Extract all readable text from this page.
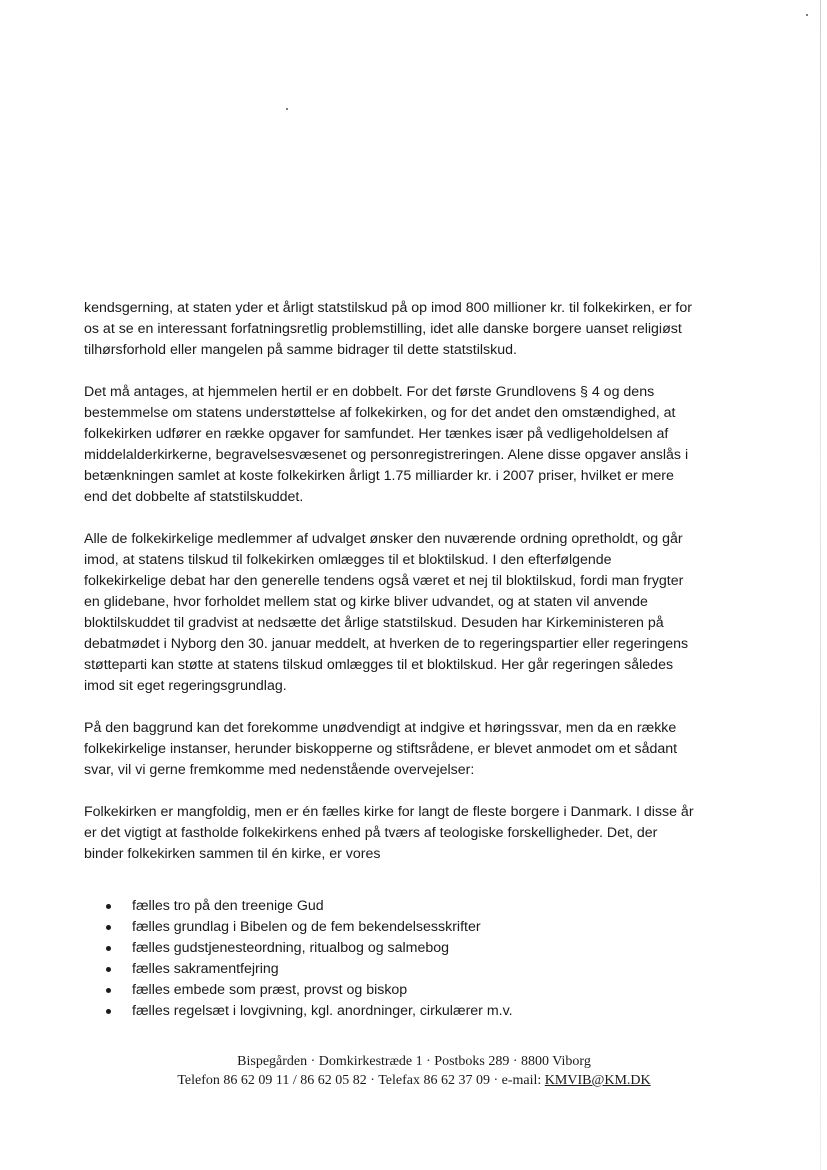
kendsgerning, at staten yder et årligt statstilskud på op imod 800 millioner kr. til folkekirken, er for
os at se en interessant forfatningsretlig problemstilling, idet alle danske borgere uanset religiøst
tilhørsforhold eller mangelen på samme bidrager til dette statstilskud.

Det må antages, at hjemmelen hertil er en dobbelt. For det første Grundlovens § 4 og dens
bestemmelse om statens understøttelse af folkekirken, og for det andet den omstændighed, at
folkekirken udfører en række opgaver for samfundet. Her tænkes især på vedligeholdelsen af
middelalderkirkerne, begravelsesvæsenet og personregistreringen. Alene disse opgaver anslås i
betænkningen samlet at koste folkekirken årligt 1.75 milliarder kr. i 2007 priser, hvilket er mere
end det dobbelte af statstilskuddet.

Alle de folkekirkelige medlemmer af udvalget ønsker den nuværende ordning opretholdt, og går
imod, at statens tilskud til folkekirken omlægges til et bloktilskud. I den efterfølgende
folkekirkelige debat har den generelle tendens også været et nej til bloktilskud, fordi man frygter
en glidebane, hvor forholdet mellem stat og kirke bliver udvandet, og at staten vil anvende
bloktilskuddet til gradvist at nedsætte det årlige statstilskud. Desuden har Kirkeministeren på
debatmødet i Nyborg den 30. januar meddelt, at hverken de to regeringspartier eller regeringens
støtteparti kan støtte at statens tilskud omlægges til et bloktilskud. Her går regeringen således
imod sit eget regeringsgrundlag.

På den baggrund kan det forekomme unødvendigt at indgive et høringssvar, men da en række
folkekirkelige instanser, herunder biskopperne og stiftsrådene, er blevet anmodet om et sådant
svar, vil vi gerne fremkomme med nedenstående overvejelser:

Folkekirken er mangfoldig, men er én fælles kirke for langt de fleste borgere i Danmark. I disse år
er det vigtigt at fastholde folkekirkens enhed på tværs af teologiske forskelligheder. Det, der
binder folkekirken sammen til én kirke, er vores

fælles tro på den treenige Gud
fælles grundlag i Bibelen og de fem bekendelsesskrifter
fælles gudstjenesteordning, ritualbog og salmebog
fælles sakramentfejring
fælles embede som præst, provst og biskop
fælles regelsæt i lovgivning, kgl. anordninger, cirkulærer m.v.
Bispegården · Domkirkestræde 1 · Postboks 289 · 8800 Viborg
Telefon 86 62 09 11 / 86 62 05 82 · Telefax 86 62 37 09 · e-mail: KMVIB@KM.DK
